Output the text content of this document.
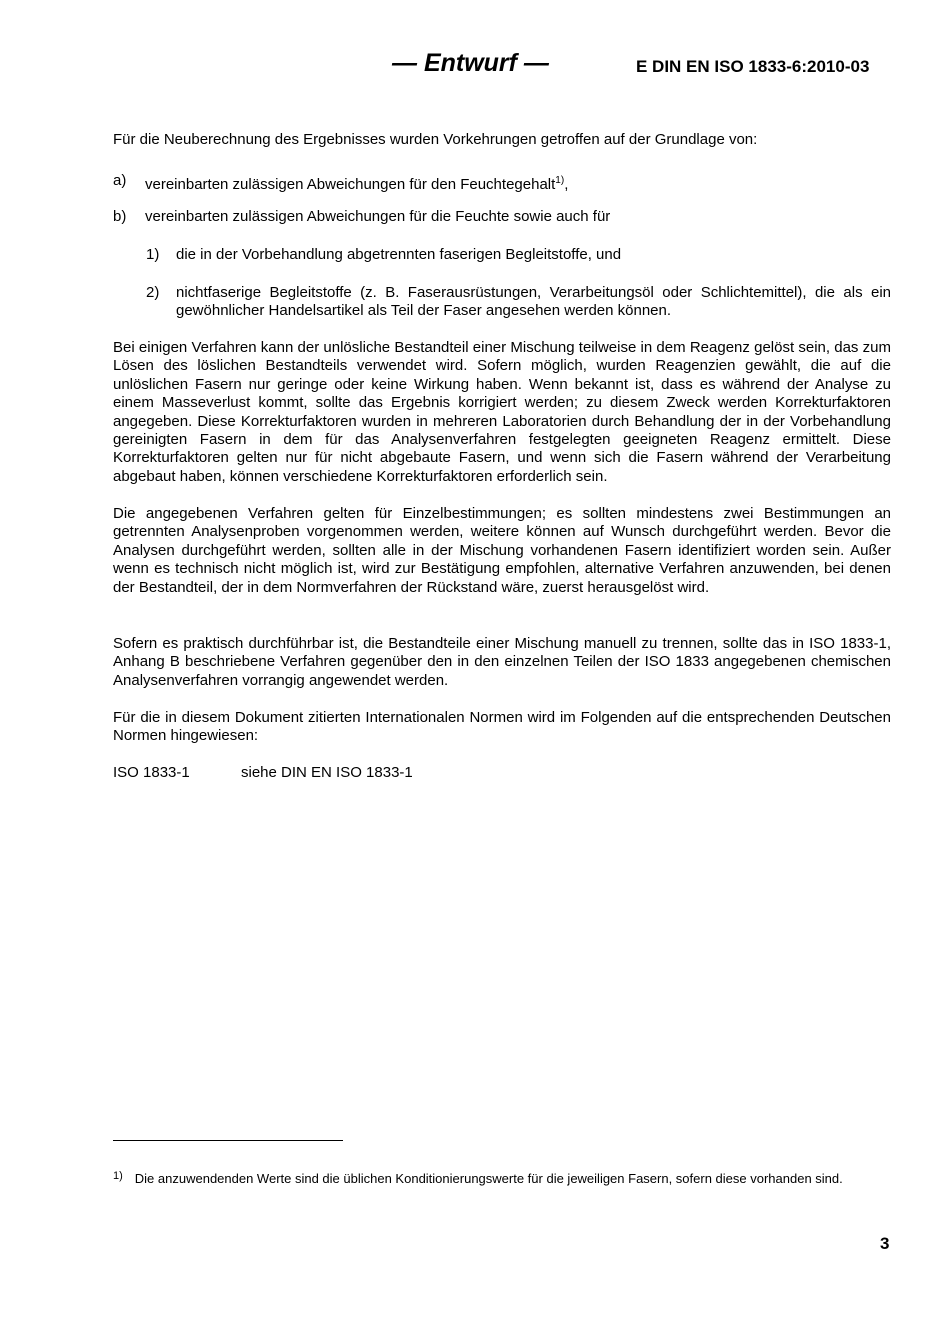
— Entwurf —	E DIN EN ISO 1833-6:2010-03

Für die Neuberechnung des Ergebnisses wurden Vorkehrungen getroffen auf der Grundlage von:

a) vereinbarten zulässigen Abweichungen für den Feuchtegehalt$^{1)}$,
b) vereinbarten zulässigen Abweichungen für die Feuchte sowie auch für
1) die in der Vorbehandlung abgetrennten faserigen Begleitstoffe, und
2) nichtfaserige Begleitstoffe (z. B. Faserausrüstungen, Verarbeitungsöl oder Schlichtemittel), die als ein gewöhnlicher Handelsartikel als Teil der Faser angesehen werden können.

Bei einigen Verfahren kann der unlösliche Bestandteil einer Mischung teilweise in dem Reagenz gelöst sein, das zum Lösen des löslichen Bestandteils verwendet wird. Sofern möglich, wurden Reagenzien gewählt, die auf die unlöslichen Fasern nur geringe oder keine Wirkung haben. Wenn bekannt ist, dass es während der Analyse zu einem Masseverlust kommt, sollte das Ergebnis korrigiert werden; zu diesem Zweck werden Korrekturfaktoren angegeben. Diese Korrekturfaktoren wurden in mehreren Laboratorien durch Behandlung der in der Vorbehandlung gereinigten Fasern in dem für das Analysenverfahren festgelegten geeigneten Reagenz ermittelt. Diese Korrekturfaktoren gelten nur für nicht abgebaute Fasern, und wenn sich die Fasern während der Verarbeitung abgebaut haben, können verschiedene Korrekturfaktoren erforderlich sein.

Die angegebenen Verfahren gelten für Einzelbestimmungen; es sollten mindestens zwei Bestimmungen an getrennten Analysenproben vorgenommen werden, weitere können auf Wunsch durchgeführt werden. Bevor die Analysen durchgeführt werden, sollten alle in der Mischung vorhandenen Fasern identifiziert worden sein. Außer wenn es technisch nicht möglich ist, wird zur Bestätigung empfohlen, alternative Verfahren anzuwenden, bei denen der Bestandteil, der in dem Normverfahren der Rückstand wäre, zuerst herausgelöst wird.

Sofern es praktisch durchführbar ist, die Bestandteile einer Mischung manuell zu trennen, sollte das in ISO 1833-1, Anhang B beschriebene Verfahren gegenüber den in den einzelnen Teilen der ISO 1833 angegebenen chemischen Analysenverfahren vorrangig angewendet werden.

Für die in diesem Dokument zitierten Internationalen Normen wird im Folgenden auf die entsprechenden Deutschen Normen hingewiesen:

ISO 1833-1	siehe DIN EN ISO 1833-1
$^{1)}$ Die anzuwendenden Werte sind die üblichen Konditionierungswerte für die jeweiligen Fasern, sofern diese vorhanden sind.
3
